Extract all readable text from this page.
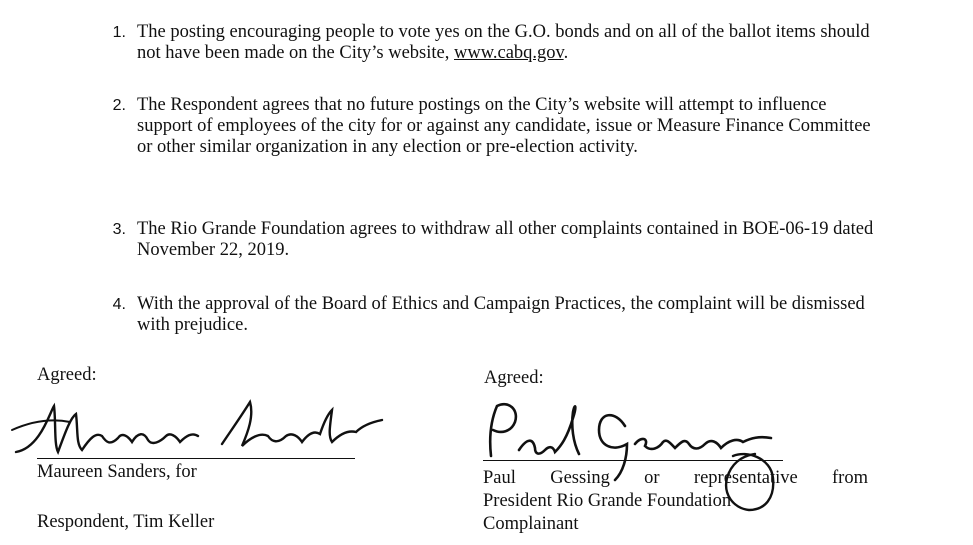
1. The posting encouraging people to vote yes on the G.O. bonds and on all of the ballot items should not have been made on the City’s website, www.cabq.gov.
2. The Respondent agrees that no future postings on the City’s website will attempt to influence support of employees of the city for or against any candidate, issue or Measure Finance Committee or other similar organization in any election or pre-election activity.
3. The Rio Grande Foundation agrees to withdraw all other complaints contained in BOE-06-19 dated November 22, 2019.
4. With the approval of the Board of Ethics and Campaign Practices, the complaint will be dismissed with prejudice.
Agreed:
Maureen Sanders, for
Respondent, Tim Keller
Agreed:
Paul Gessing or representative from
President Rio Grande Foundation
Complainant
